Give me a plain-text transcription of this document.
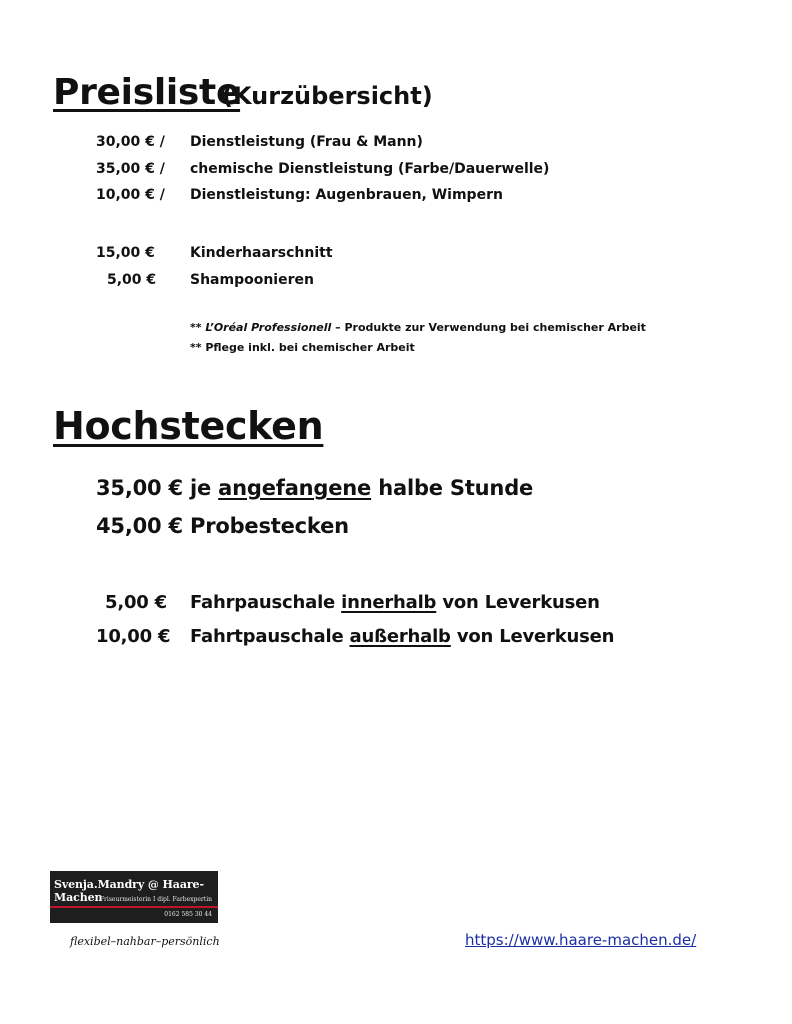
Preisliste
(Kurzübersicht)
30,00 € / Dienstleistung (Frau & Mann)
35,00 € / chemische Dienstleistung (Farbe/Dauerwelle)
10,00 € / Dienstleistung: Augenbrauen, Wimpern
15,00 €	Kinderhaarschnitt
5,00 € Shampoonieren
** L’Oréal Professionell – Produkte zur Verwendung bei chemischer Arbeit
** Pflege inkl. bei chemischer Arbeit
Hochstecken
35,00 € je angefangene halbe Stunde
45,00 € Probestecken
5,00 € Fahrpauschale innerhalb von Leverkusen
10,00 € Fahrtpauschale außerhalb von Leverkusen
Svenja.Mandry @ Haare-Machen
Friseurmeisterin I dipl. Farbexpertin
0162 585 30 44
flexibel–nahbar–persönlich	https://www.haare-machen.de/
